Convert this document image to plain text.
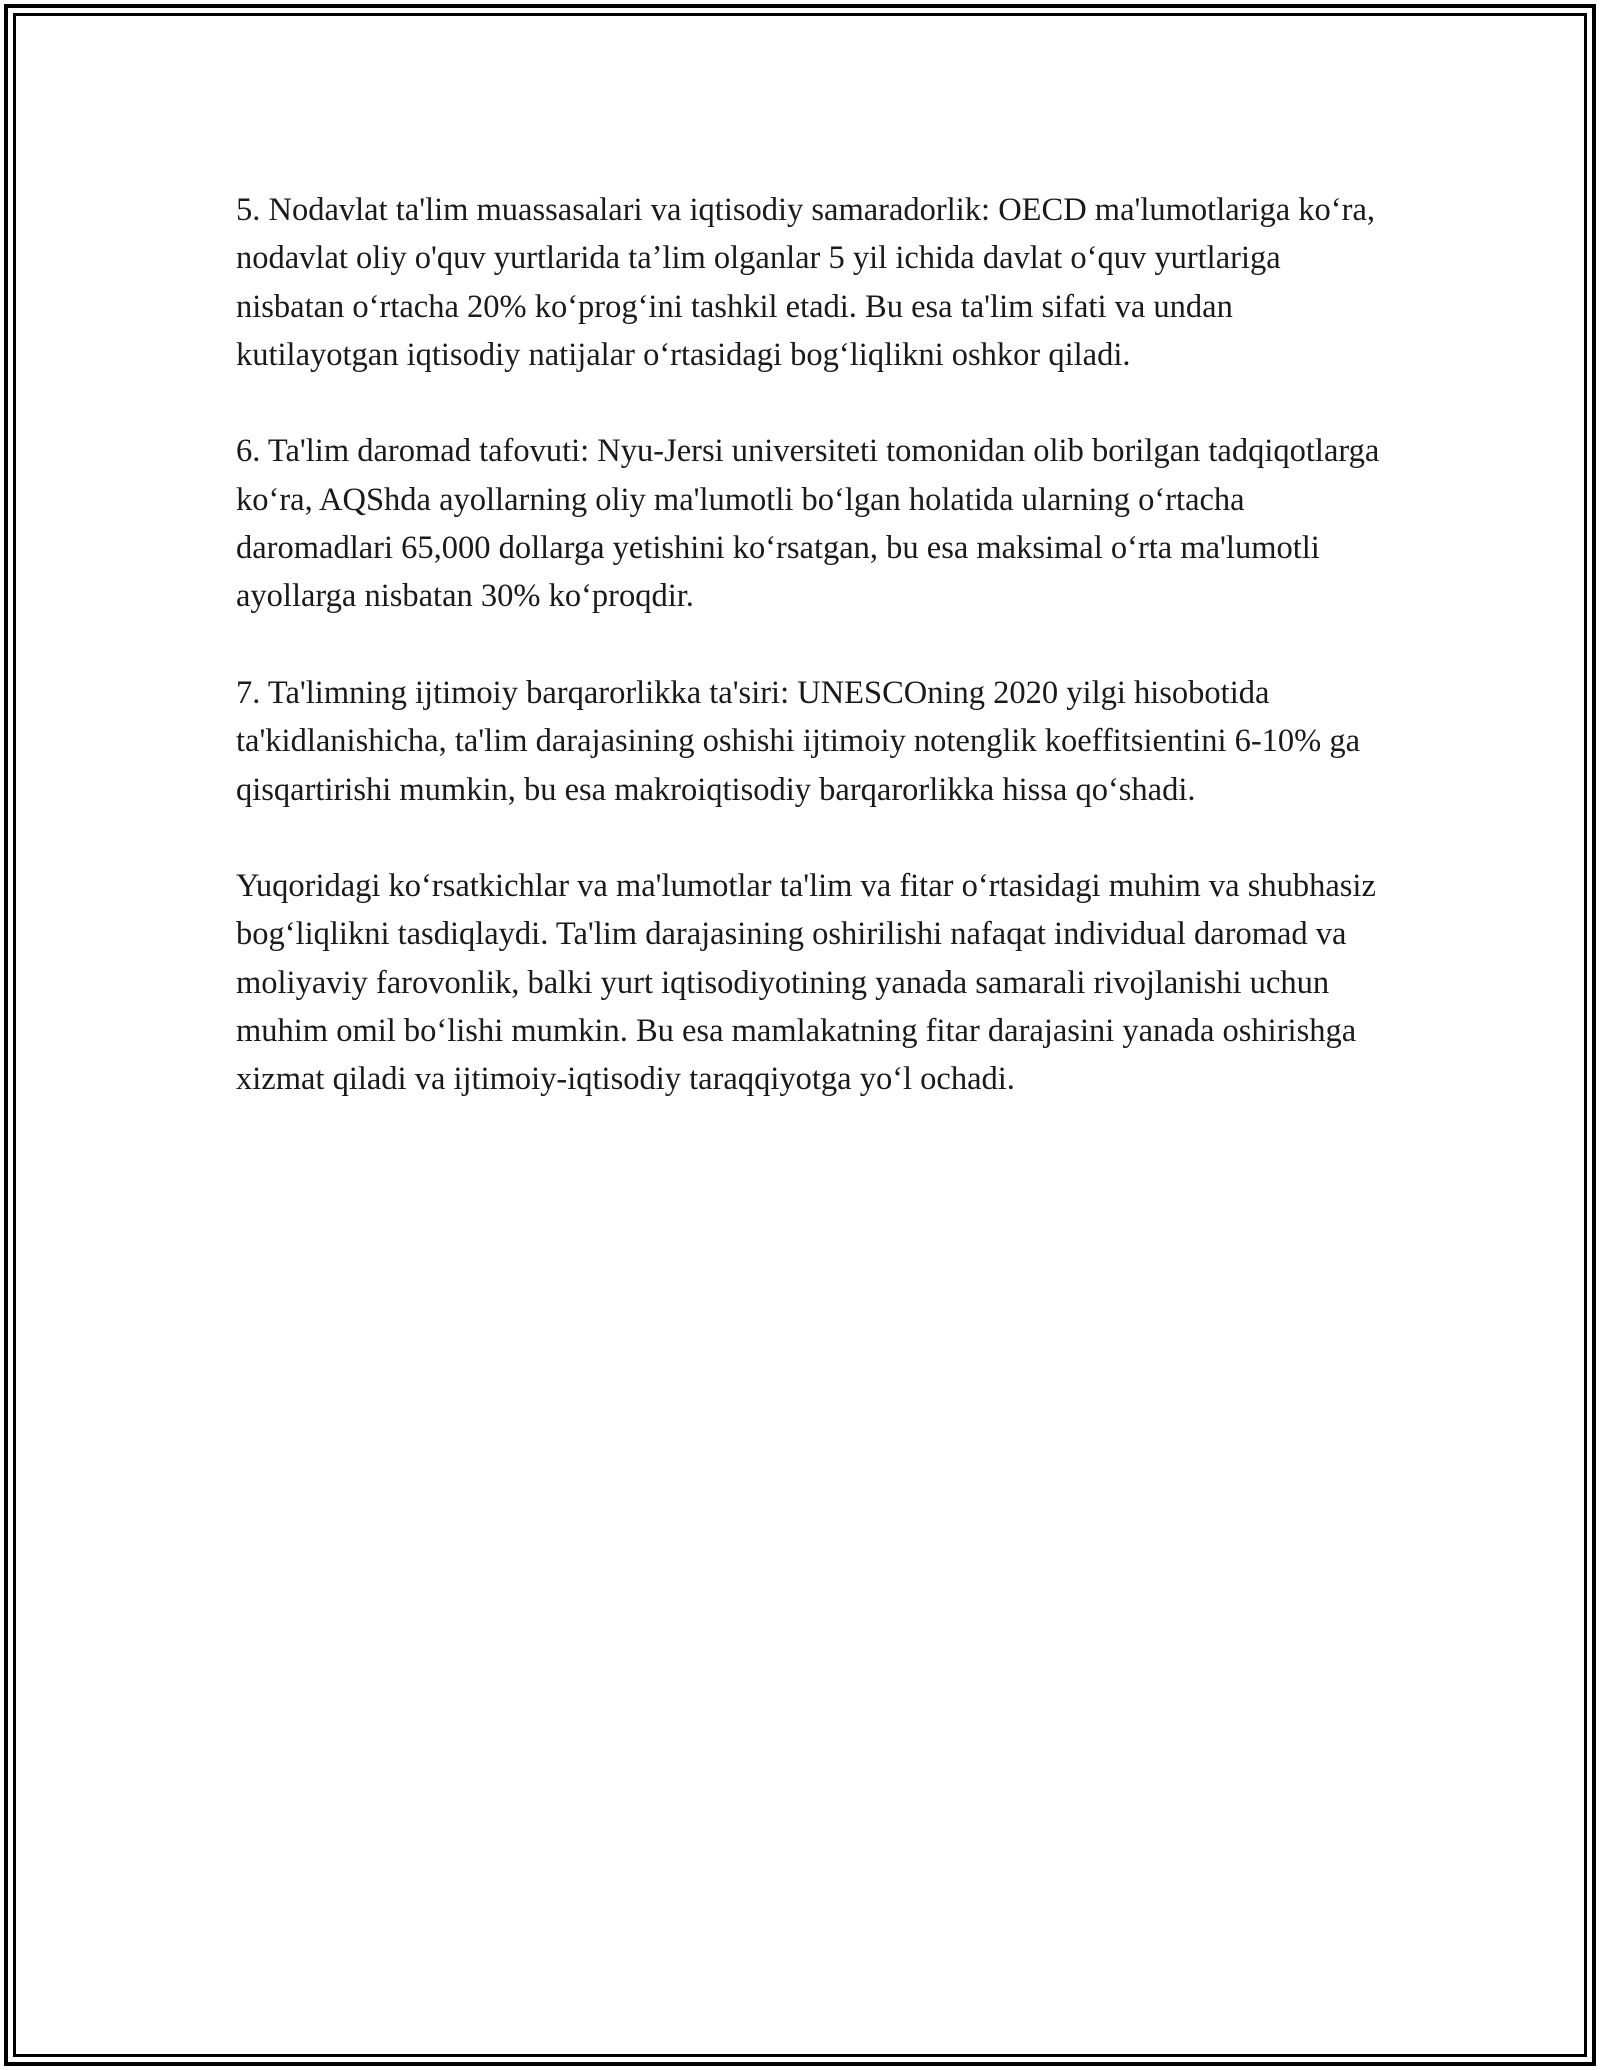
5. Nodavlat ta'lim muassasalari va iqtisodiy samaradorlik: OECD ma'lumotlariga koʻra, nodavlat oliy o'quv yurtlarida taʼlim olganlar 5 yil ichida davlat oʻquv yurtlariga nisbatan oʻrtacha 20% koʻprogʻini tashkil etadi. Bu esa ta'lim sifati va undan kutilayotgan iqtisodiy natijalar oʻrtasidagi bogʻliqlikni oshkor qiladi.

6. Ta'lim daromad tafovuti: Nyu-Jersi universiteti tomonidan olib borilgan tadqiqotlarga koʻra, AQShda ayollarning oliy ma'lumotli boʻlgan holatida ularning oʻrtacha daromadlari 65,000 dollarga yetishini koʻrsatgan, bu esa maksimal oʻrta ma'lumotli ayollarga nisbatan 30% koʻproqdir.

7. Ta'limning ijtimoiy barqarorlikka ta'siri: UNESCOning 2020 yilgi hisobotida ta'kidlanishicha, ta'lim darajasining oshishi ijtimoiy notenglik koeffitsientini 6-10% ga qisqartirishi mumkin, bu esa makroiqtisodiy barqarorlikka hissa qoʻshadi.

Yuqoridagi koʻrsatkichlar va ma'lumotlar ta'lim va fitar oʻrtasidagi muhim va shubhasiz bogʻliqlikni tasdiqlaydi. Ta'lim darajasining oshirilishi nafaqat individual daromad va moliyaviy farovonlik, balki yurt iqtisodiyotining yanada samarali rivojlanishi uchun muhim omil boʻlishi mumkin. Bu esa mamlakatning fitar darajasini yanada oshirishga xizmat qiladi va ijtimoiy-iqtisodiy taraqqiyotga yoʻl ochadi.
